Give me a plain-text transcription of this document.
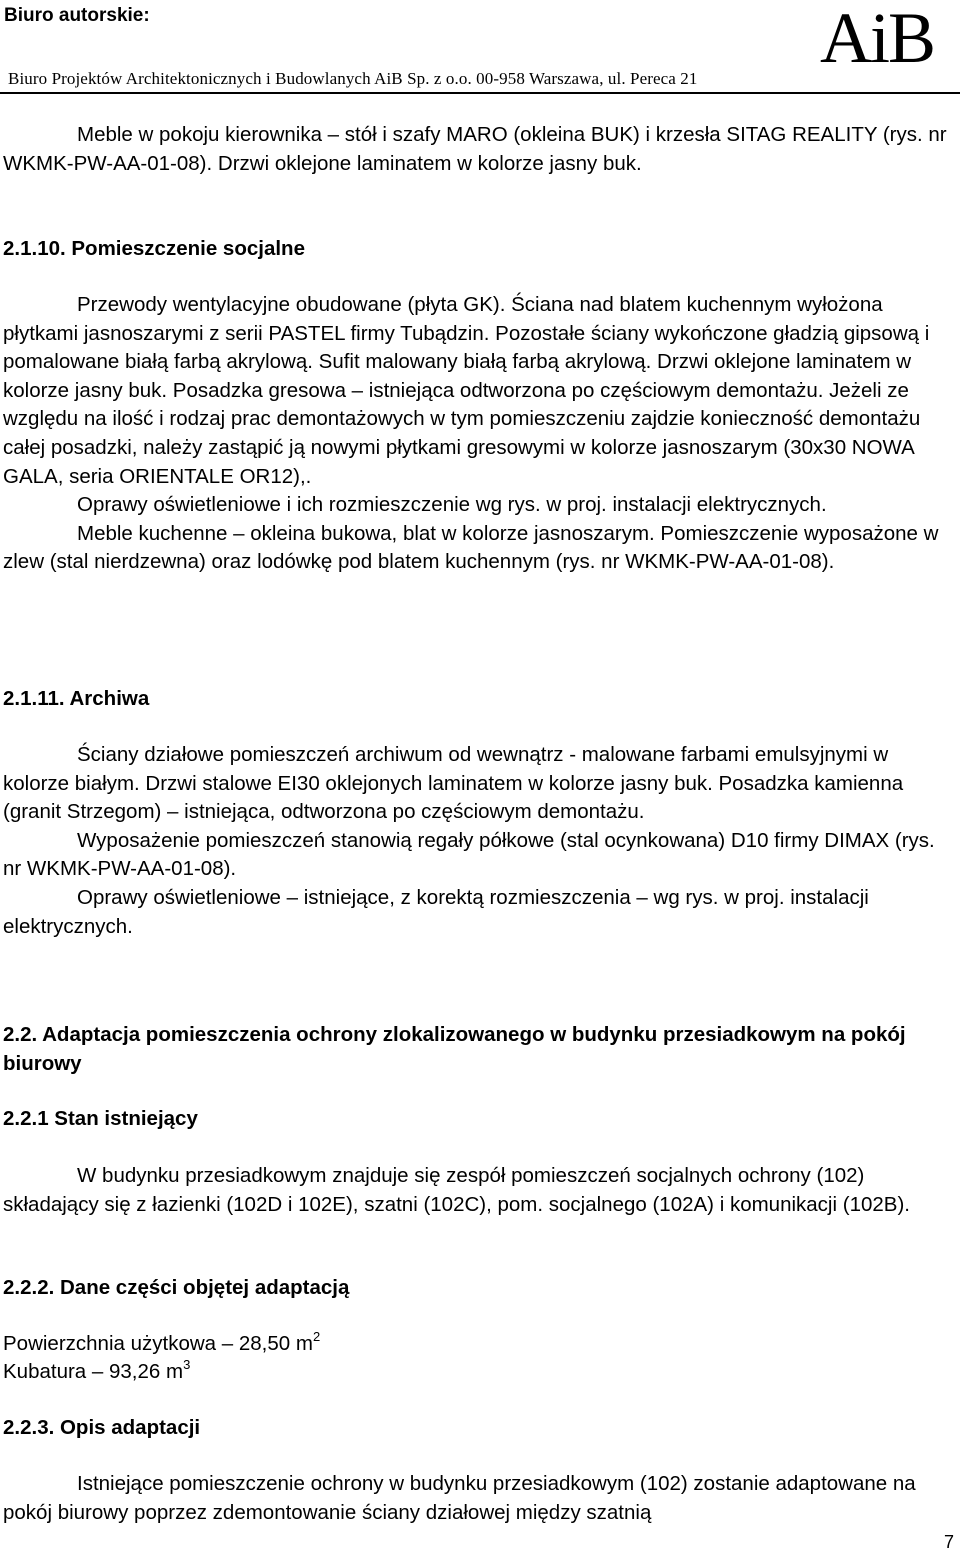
Biuro autorskie:	AiB
Biuro Projektów Architektonicznych i Budowlanych AiB Sp. z o.o. 00-958 Warszawa, ul. Pereca 21
Meble w pokoju kierownika – stół i szafy MARO (okleina BUK) i krzesła SITAG REALITY (rys. nr WKMK-PW-AA-01-08). Drzwi oklejone laminatem w kolorze jasny buk.
2.1.10. Pomieszczenie socjalne

Przewody wentylacyjne obudowane (płyta GK). Ściana nad blatem kuchennym wyłożona płytkami jasnoszarymi z serii PASTEL firmy Tubądzin. Pozostałe ściany wykończone gładzią gipsową i pomalowane białą farbą akrylową. Sufit malowany białą farbą akrylową. Drzwi oklejone laminatem w kolorze jasny buk. Posadzka gresowa – istniejąca odtworzona po częściowym demontażu. Jeżeli ze względu na ilość i rodzaj prac demontażowych w tym pomieszczeniu zajdzie konieczność demontażu całej posadzki, należy zastąpić ją nowymi płytkami gresowymi w kolorze jasnoszarym (30x30 NOWA GALA, seria ORIENTALE OR12),.

Oprawy oświetleniowe i ich rozmieszczenie wg rys. w proj. instalacji elektrycznych.

Meble kuchenne – okleina bukowa, blat w kolorze jasnoszarym. Pomieszczenie wyposażone w zlew (stal nierdzewna) oraz lodówkę pod blatem kuchennym (rys. nr WKMK-PW-AA-01-08).

2.1.11. Archiwa

Ściany działowe pomieszczeń archiwum od wewnątrz - malowane farbami emulsyjnymi w kolorze białym. Drzwi stalowe EI30 oklejonych laminatem w kolorze jasny buk. Posadzka kamienna (granit Strzegom) – istniejąca, odtworzona po częściowym demontażu.

Wyposażenie pomieszczeń stanowią regały półkowe (stal ocynkowana) D10 firmy DIMAX (rys. nr WKMK-PW-AA-01-08).

Oprawy oświetleniowe – istniejące, z korektą rozmieszczenia – wg rys. w proj. instalacji elektrycznych.

2.2. Adaptacja pomieszczenia ochrony zlokalizowanego w budynku przesiadkowym na pokój biurowy
2.2.1 Stan istniejący
W budynku przesiadkowym znajduje się zespół pomieszczeń socjalnych ochrony (102) składający się z łazienki (102D i 102E), szatni (102C), pom. socjalnego (102A) i komunikacji (102B).
2.2.2. Dane części objętej adaptacją
Powierzchnia użytkowa – 28,50 $m^2$
Kubatura – 93,26 $m^3$
2.2.3. Opis adaptacji
Istniejące pomieszczenie ochrony w budynku przesiadkowym (102) zostanie adaptowane na pokój biurowy poprzez zdemontowanie ściany działowej między szatnią
7
